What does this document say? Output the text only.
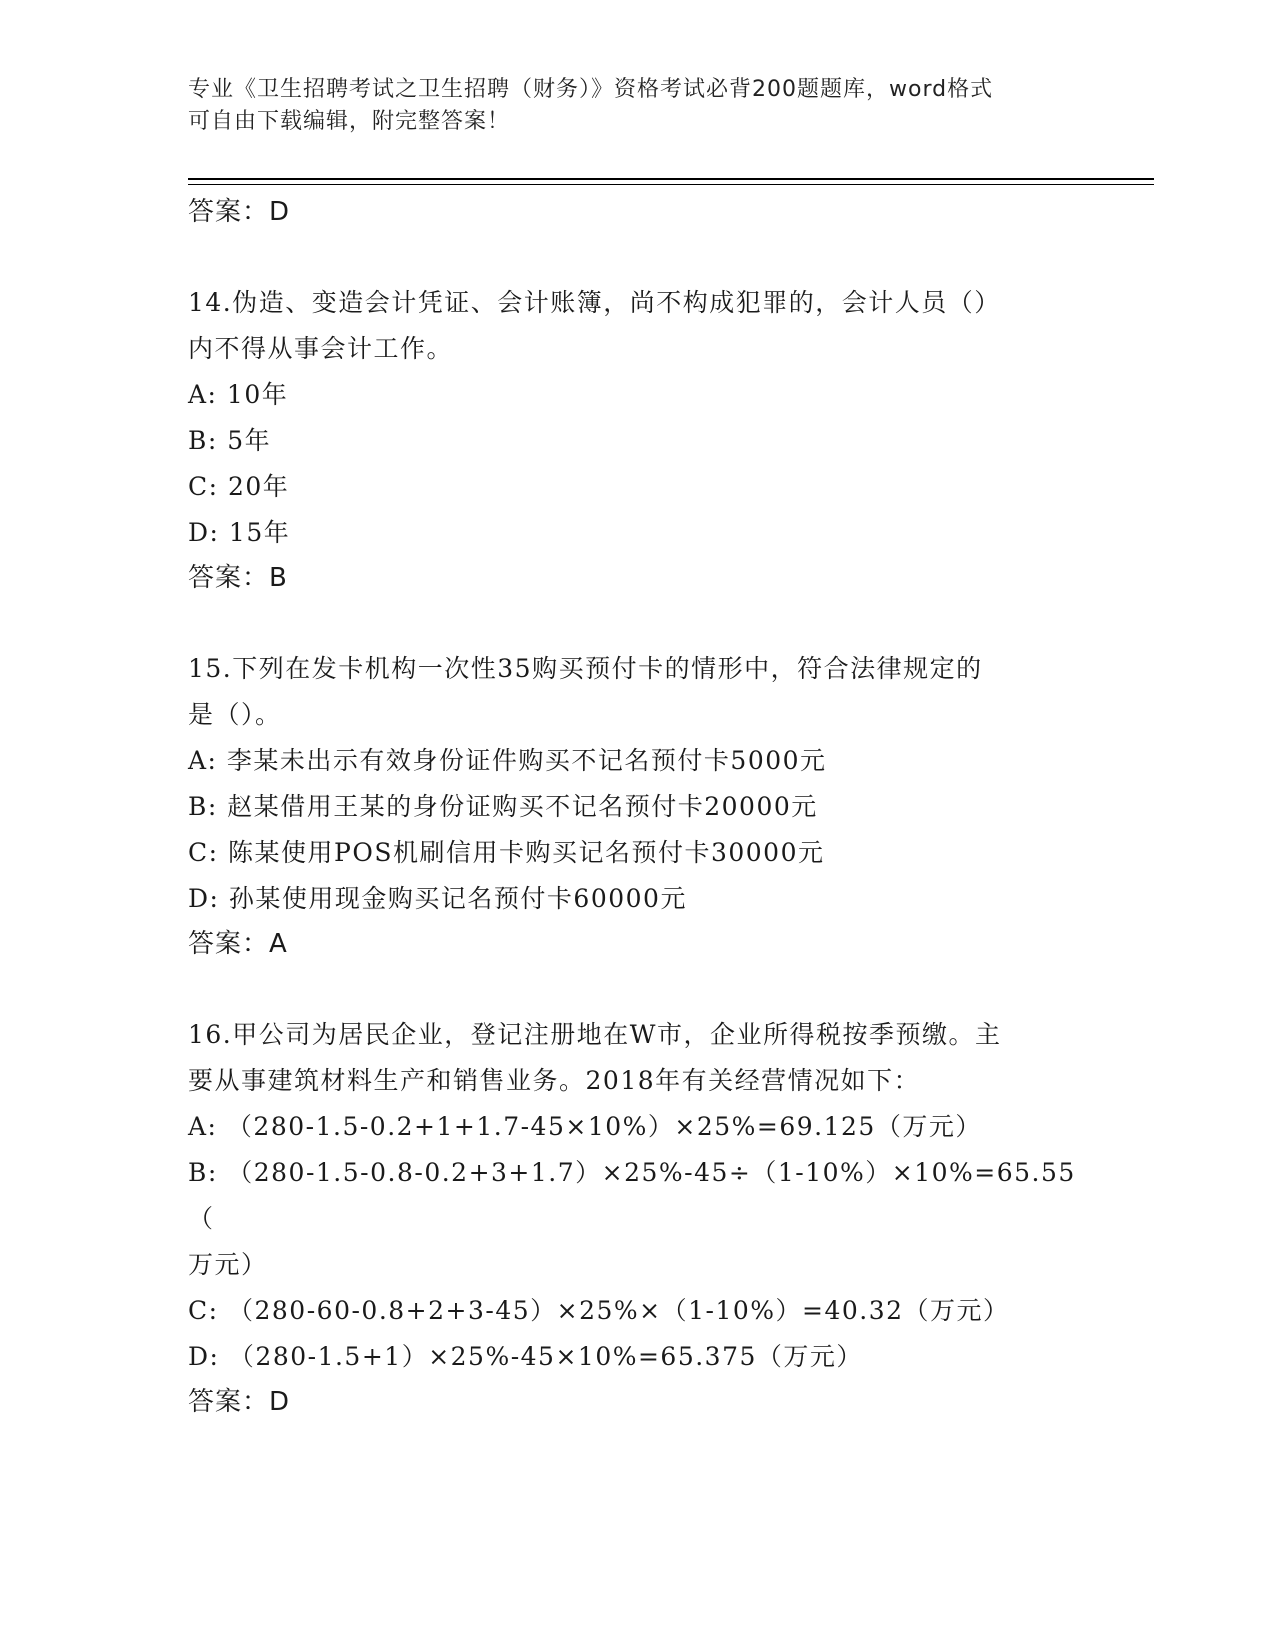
专业《卫生招聘考试之卫生招聘（财务）》资格考试必背200题题库，word格式
可自由下载编辑，附完整答案！
答案：D
14.伪造、变造会计凭证、会计账簿，尚不构成犯罪的，会计人员（）
内不得从事会计工作。
A: 10年
B: 5年
C: 20年
D: 15年
答案：B
15.下列在发卡机构一次性35购买预付卡的情形中，符合法律规定的
是（）。
A: 李某未出示有效身份证件购买不记名预付卡5000元
B: 赵某借用王某的身份证购买不记名预付卡20000元
C: 陈某使用POS机刷信用卡购买记名预付卡30000元
D: 孙某使用现金购买记名预付卡60000元
答案：A
16.甲公司为居民企业，登记注册地在W市，企业所得税按季预缴。主
要从事建筑材料生产和销售业务。2018年有关经营情况如下：
A: （280-1.5-0.2+1+1.7-45×10%）×25%=69.125（万元）
B: （280-1.5-0.8-0.2+3+1.7）×25%-45÷（1-10%）×10%=65.55（
万元）
C: （280-60-0.8+2+3-45）×25%×（1-10%）=40.32（万元）
D: （280-1.5+1）×25%-45×10%=65.375（万元）
答案：D
